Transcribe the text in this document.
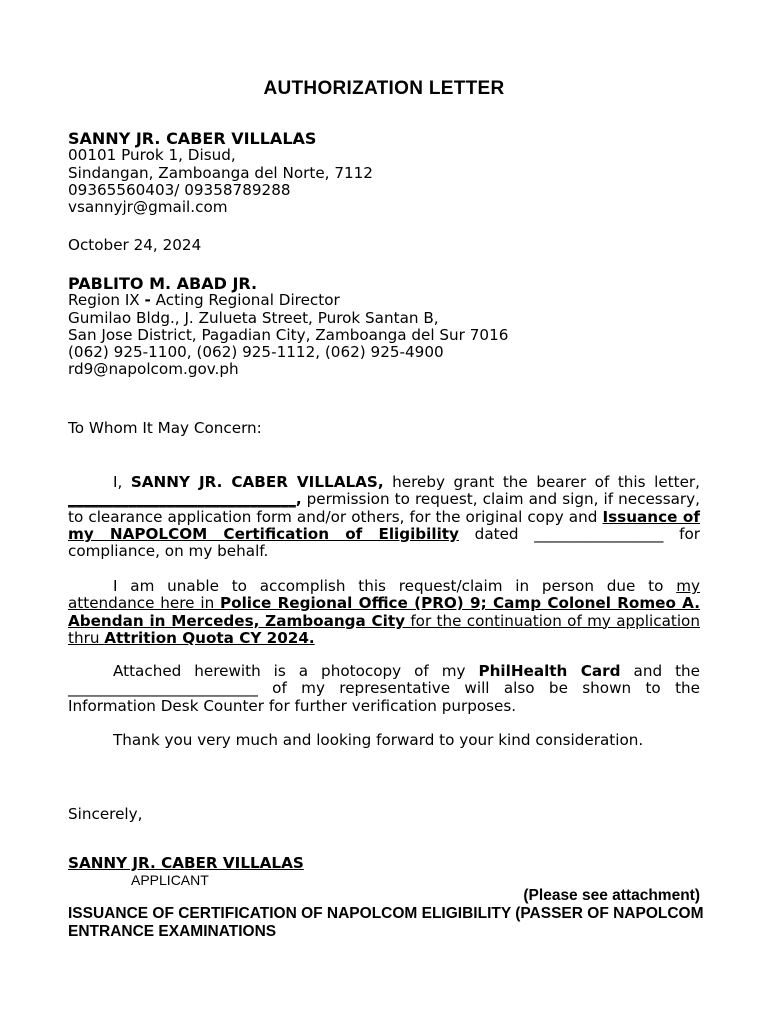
AUTHORIZATION LETTER
SANNY JR. CABER VILLALAS
00101 Purok 1, Disud,
Sindangan, Zamboanga del Norte, 7112
09365560403/ 09358789288
vsannyjr@gmail.com
October 24, 2024
PABLITO M. ABAD JR.
Region IX - Acting Regional Director
Gumilao Bldg., J. Zulueta Street, Purok Santan B,
San Jose District, Pagadian City, Zamboanga del Sur 7016
(062) 925-1100, (062) 925-1112, (062) 925-4900
rd9@napolcom.gov.ph
To Whom It May Concern:
I, SANNY JR. CABER VILLALAS, hereby grant the bearer of this letter, ______________________________, permission to request, claim and sign, if necessary, to clearance application form and/or others, for the original copy and Issuance of my NAPOLCOM Certification of Eligibility dated _________________ for compliance, on my behalf.
I am unable to accomplish this request/claim in person due to my attendance here in Police Regional Office (PRO) 9; Camp Colonel Romeo A. Abendan in Mercedes, Zamboanga City for the continuation of my application thru Attrition Quota CY 2024.
Attached herewith is a photocopy of my PhilHealth Card and the _________________________ of my representative will also be shown to the Information Desk Counter for further verification purposes.
Thank you very much and looking forward to your kind consideration.
Sincerely,
SANNY JR. CABER VILLALAS
APPLICANT
(Please see attachment)
ISSUANCE OF CERTIFICATION OF NAPOLCOM ELIGIBILITY (PASSER OF NAPOLCOM ENTRANCE EXAMINATIONS
